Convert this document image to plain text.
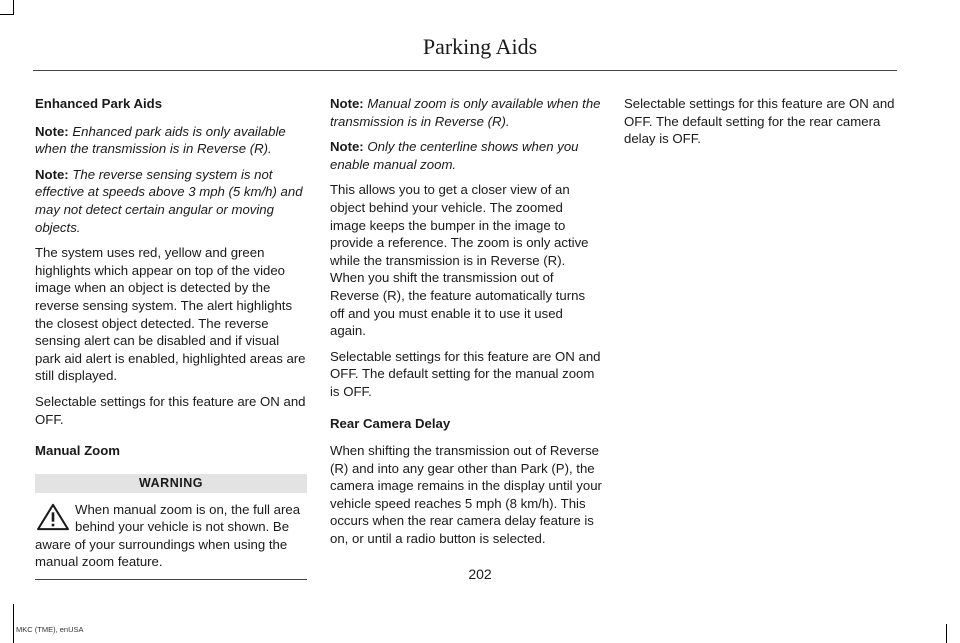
Parking Aids

Enhanced Park Aids

Note: Enhanced park aids is only available when the transmission is in Reverse (R).

Note: The reverse sensing system is not effective at speeds above 3 mph (5 km/h) and may not detect certain angular or moving objects.

The system uses red, yellow and green highlights which appear on top of the video image when an object is detected by the reverse sensing system. The alert highlights the closest object detected. The reverse sensing alert can be disabled and if visual park aid alert is enabled, highlighted areas are still displayed.

Selectable settings for this feature are ON and OFF.

Manual Zoom

WARNING

When manual zoom is on, the full area behind your vehicle is not shown. Be aware of your surroundings when using the manual zoom feature.

Note: Manual zoom is only available when the transmission is in Reverse (R).

Note: Only the centerline shows when you enable manual zoom.

This allows you to get a closer view of an object behind your vehicle. The zoomed image keeps the bumper in the image to provide a reference. The zoom is only active while the transmission is in Reverse (R). When you shift the transmission out of Reverse (R), the feature automatically turns off and you must enable it to use it used again.

Selectable settings for this feature are ON and OFF. The default setting for the manual zoom is OFF.

Rear Camera Delay

When shifting the transmission out of Reverse (R) and into any gear other than Park (P), the camera image remains in the display until your vehicle speed reaches 5 mph (8 km/h). This occurs when the rear camera delay feature is on, or until a radio button is selected.

Selectable settings for this feature are ON and OFF. The default setting for the rear camera delay is OFF.

202
MKC (TME), enUSA
